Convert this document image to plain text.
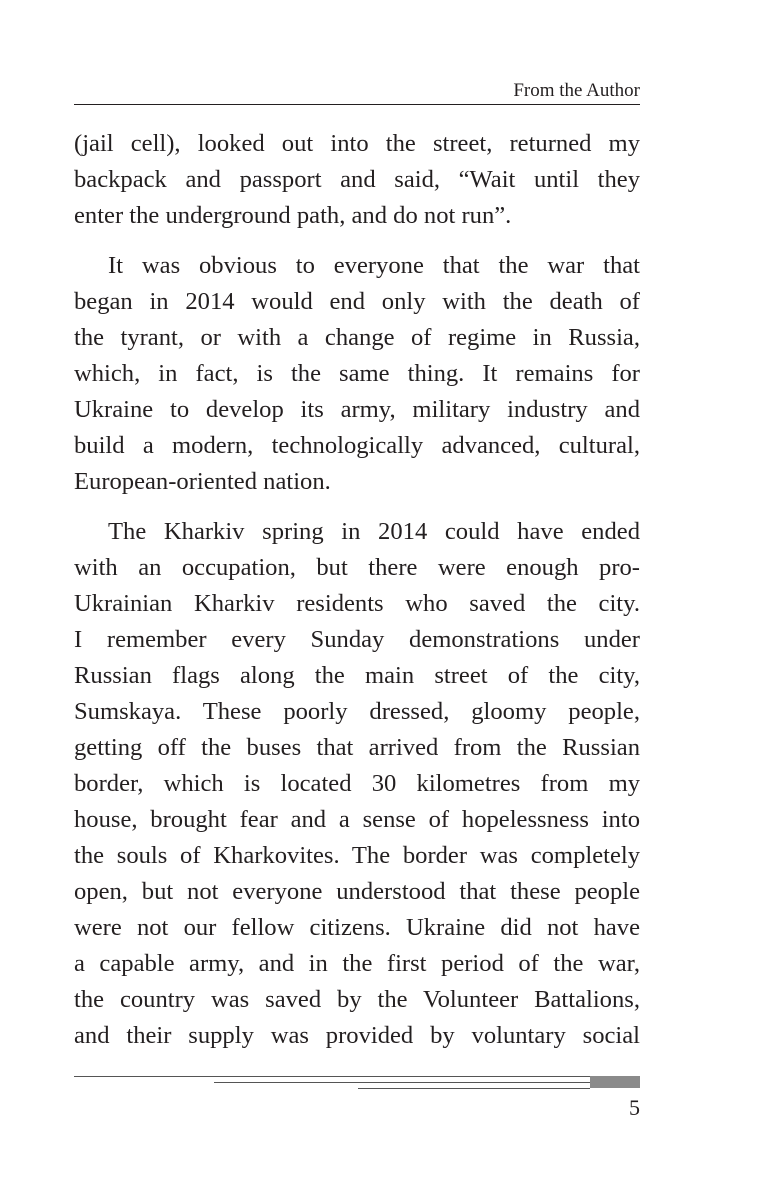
From the Author

(jail cell), looked out into the street, returned my
backpack and passport and said, “Wait until they
enter the underground path, and do not run”.

It was obvious to everyone that the war that
began in 2014 would end only with the death of
the tyrant, or with a change of regime in Russia,
which, in fact, is the same thing. It remains for
Ukraine to develop its army, military industry and
build a modern, technologically advanced, cultural,
European-oriented nation.

The Kharkiv spring in 2014 could have ended
with an occupation, but there were enough pro-
Ukrainian Kharkiv residents who saved the city.
I remember every Sunday demonstrations under
Russian flags along the main street of the city,
Sumskaya. These poorly dressed, gloomy people,
getting off the buses that arrived from the Russian
border, which is located 30 kilometres from my
house, brought fear and a sense of hopelessness into
the souls of Kharkovites. The border was completely
open, but not everyone understood that these people
were not our fellow citizens. Ukraine did not have
a capable army, and in the first period of the war,
the country was saved by the Volunteer Battalions,
and their supply was provided by voluntary social

5
